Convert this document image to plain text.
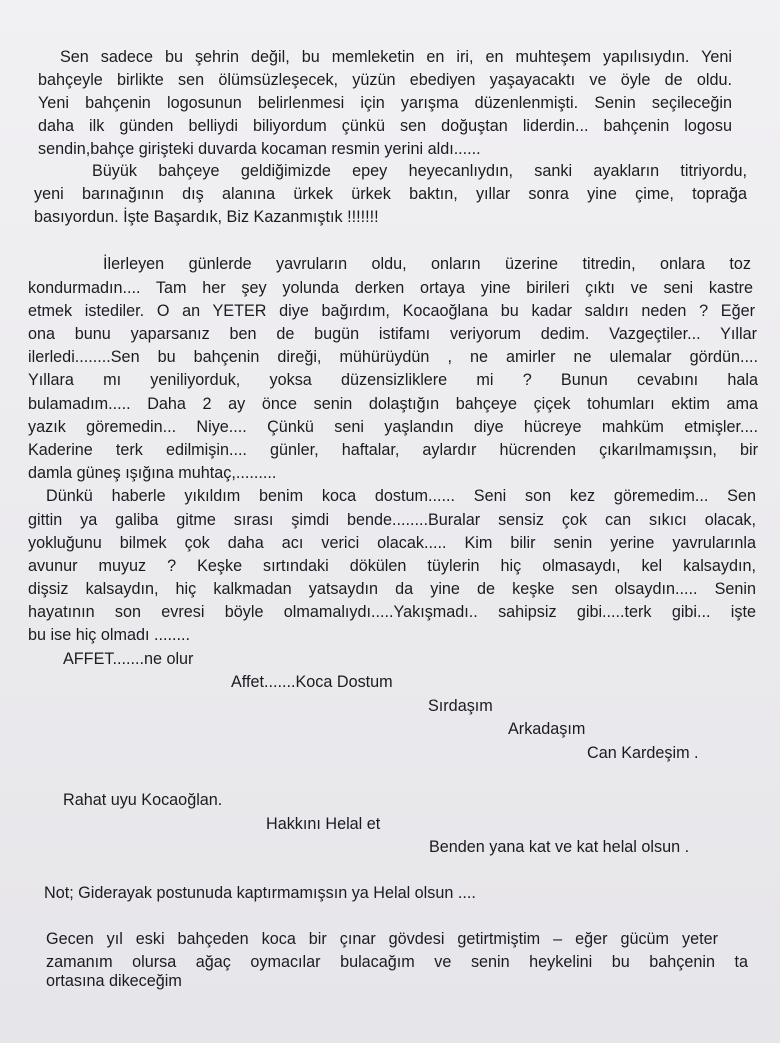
Sen sadece bu şehrin değil, bu memleketin en iri, en muhteşem yapılısıydın. Yeni
bahçeyle birlikte sen ölümsüzleşecek, yüzün ebediyen yaşayacaktı ve öyle de oldu.
Yeni bahçenin logosunun belirlenmesi için yarışma düzenlenmişti. Senin seçileceğin
daha ilk günden belliydi biliyordum çünkü sen doğuştan liderdin... bahçenin logosu
sendin,bahçe girişteki duvarda kocaman resmin yerini aldı......
Büyük bahçeye geldiğimizde epey heyecanlıydın, sanki ayakların titriyordu,
yeni barınağının dış alanına ürkek ürkek baktın, yıllar sonra yine çime, toprağa
basıyordun. İşte Başardık, Biz Kazanmıştık !!!!!!!
İlerleyen günlerde yavruların oldu, onların üzerine titredin, onlara toz
kondurmadın.... Tam her şey yolunda derken ortaya yine birileri çıktı ve seni kastre
etmek istediler. O an YETER diye bağırdım, Kocaoğlana bu kadar saldırı neden ? Eğer
ona bunu yaparsanız ben de bugün istifamı veriyorum dedim. Vazgeçtiler... Yıllar
ilerledi........Sen bu bahçenin direği, mühürüydün , ne amirler ne ulemalar gördün....
Yıllara mı yeniliyorduk, yoksa düzensizliklere mi ? Bunun cevabını hala
bulamadım..... Daha 2 ay önce senin dolaştığın bahçeye çiçek tohumları ektim ama
yazık göremedin... Niye.... Çünkü seni yaşlandın diye hücreye mahküm etmişler....
Kaderine terk edilmişin.... günler, haftalar, aylardır hücrenden çıkarılmamışsın, bir
damla güneş ışığına muhtaç,.........
Dünkü haberle yıkıldım benim koca dostum...... Seni son kez göremedim... Sen
gittin ya galiba gitme sırası şimdi bende........Buralar sensiz çok can sıkıcı olacak,
yokluğunu bilmek çok daha acı verici olacak..... Kim bilir senin yerine yavrularınla
avunur muyuz ? Keşke sırtındaki dökülen tüylerin hiç olmasaydı, kel kalsaydın,
dişsiz kalsaydın, hiç kalkmadan yatsaydın da yine de keşke sen olsaydın..... Senin
hayatının son evresi böyle olmamalıydı.....Yakışmadı.. sahipsiz gibi.....terk gibi... işte
bu ise hiç olmadı ........
AFFET.......ne olur
Affet.......Koca Dostum
Sırdaşım
Arkadaşım
Can Kardeşim .
Rahat uyu Kocaoğlan.
Hakkını Helal et
Benden yana kat ve kat helal olsun .
Not; Giderayak postunuda kaptırmamışsın ya Helal olsun ....
Gecen yıl eski bahçeden koca bir çınar gövdesi getirtmiştim – eğer gücüm yeter
zamanım olursa ağaç oymacılar bulacağım ve senin heykelini bu bahçenin ta
ortasına dikeceğim
